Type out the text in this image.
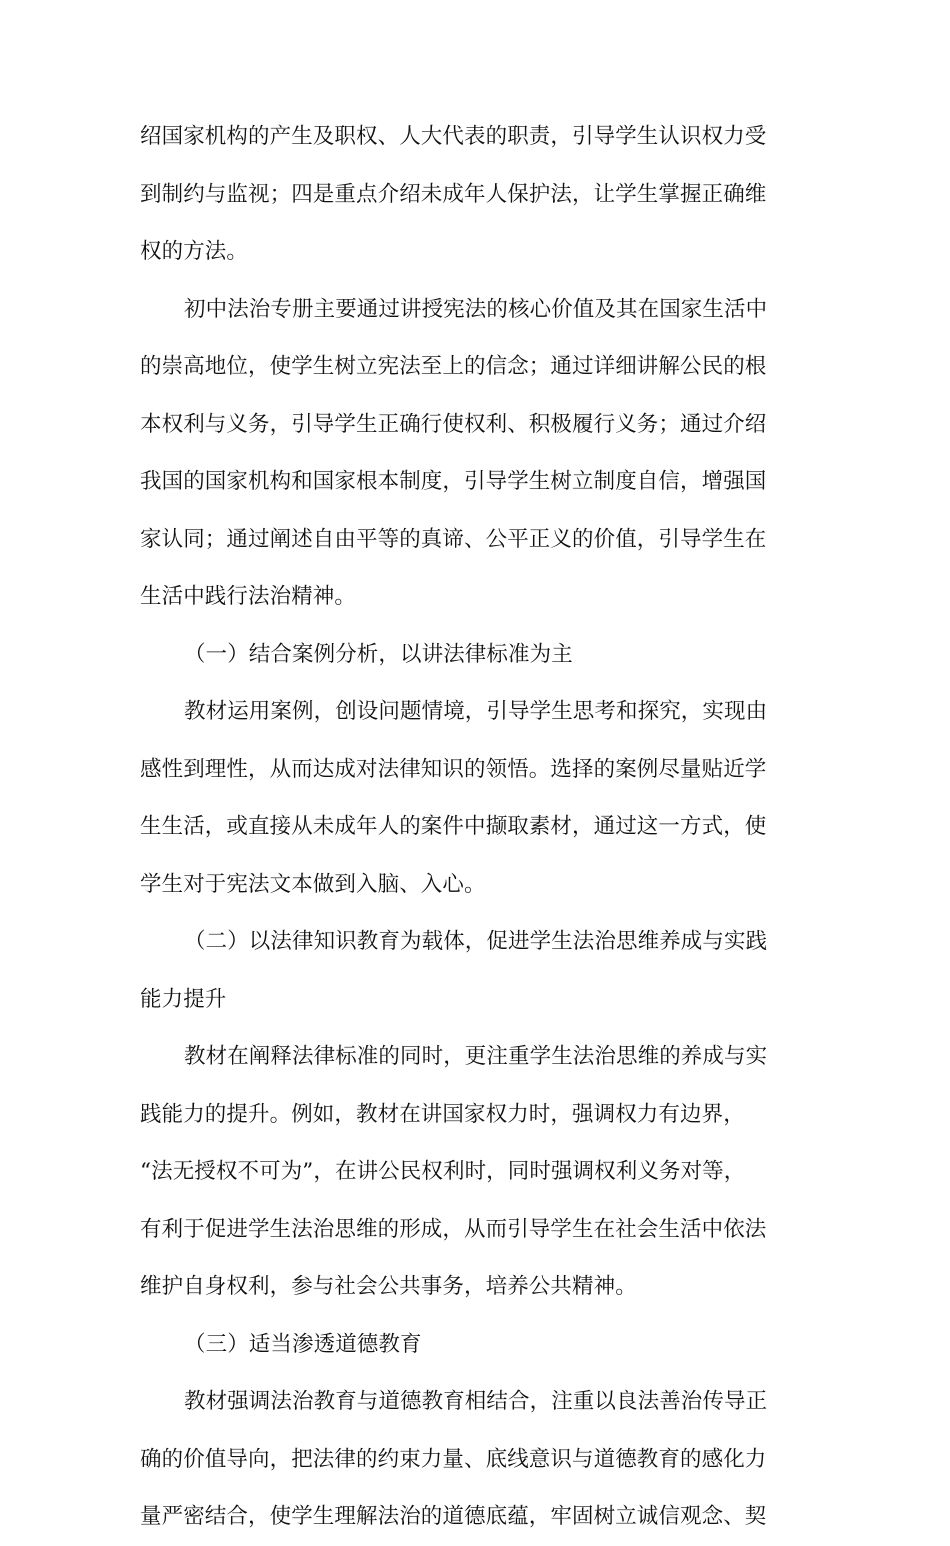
绍国家机构的产生及职权、人大代表的职责，引导学生认识权力受
到制约与监视；四是重点介绍未成年人保护法，让学生掌握正确维
权的方法。
初中法治专册主要通过讲授宪法的核心价值及其在国家生活中
的崇高地位，使学生树立宪法至上的信念；通过详细讲解公民的根
本权利与义务，引导学生正确行使权利、积极履行义务；通过介绍
我国的国家机构和国家根本制度，引导学生树立制度自信，增强国
家认同；通过阐述自由平等的真谛、公平正义的价值，引导学生在
生活中践行法治精神。
（一）结合案例分析，以讲法律标准为主
教材运用案例，创设问题情境，引导学生思考和探究，实现由
感性到理性，从而达成对法律知识的领悟。选择的案例尽量贴近学
生生活，或直接从未成年人的案件中撷取素材，通过这一方式，使
学生对于宪法文本做到入脑、入心。
（二）以法律知识教育为载体，促进学生法治思维养成与实践
能力提升
教材在阐释法律标准的同时，更注重学生法治思维的养成与实
践能力的提升。例如，教材在讲国家权力时，强调权力有边界，
“法无授权不可为”，在讲公民权利时，同时强调权利义务对等，
有利于促进学生法治思维的形成，从而引导学生在社会生活中依法
维护自身权利，参与社会公共事务，培养公共精神。
（三）适当渗透道德教育
教材强调法治教育与道德教育相结合，注重以良法善治传导正
确的价值导向，把法律的约束力量、底线意识与道德教育的感化力
量严密结合，使学生理解法治的道德底蕴，牢固树立诚信观念、契
